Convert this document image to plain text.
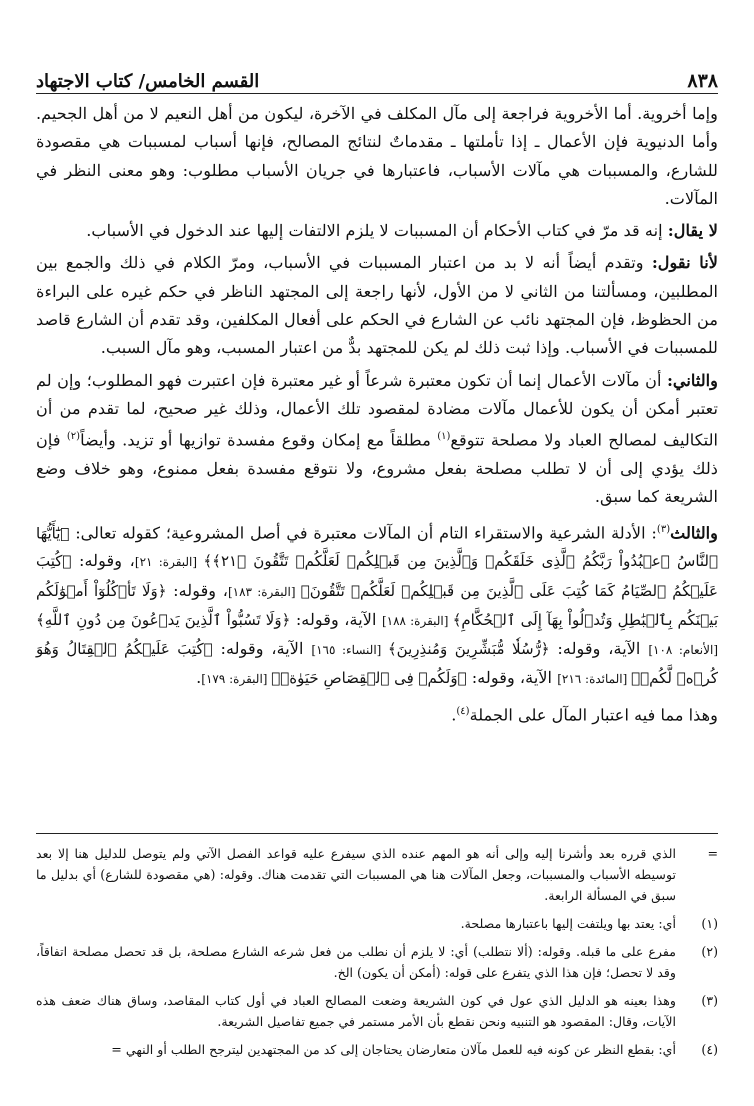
٨٣٨
القسم الخامس/ كتاب الاجتهاد

وإما أخروية. أما الأخروية فراجعة إلى مآل المكلف في الآخرة، ليكون من أهل النعيم لا من أهل الجحيم. وأما الدنيوية فإن الأعمال ـ إذا تأملتها ـ مقدماتٌ لنتائج المصالح، فإنها أسباب لمسببات هي مقصودة للشارع، والمسببات هي مآلات الأسباب، فاعتبارها في جريان الأسباب مطلوب: وهو معنى النظر في المآلات.

لا يقال: إنه قد مرّ في كتاب الأحكام أن المسببات لا يلزم الالتفات إليها عند الدخول في الأسباب.

لأنا نقول: وتقدم أيضاً أنه لا بد من اعتبار المسببات في الأسباب، ومرّ الكلام في ذلك والجمع بين المطلبين، ومسألتنا من الثاني لا من الأول، لأنها راجعة إلى المجتهد الناظر في حكم غيره على البراءة من الحظوظ، فإن المجتهد نائب عن الشارع في الحكم على أفعال المكلفين، وقد تقدم أن الشارع قاصد للمسببات في الأسباب. وإذا ثبت ذلك لم يكن للمجتهد بدٌّ من اعتبار المسبب، وهو مآل السبب.

والثاني: أن مآلات الأعمال إنما أن تكون معتبرة شرعاً أو غير معتبرة فإن اعتبرت فهو المطلوب؛ وإن لم تعتبر أمكن أن يكون للأعمال مآلات مضادة لمقصود تلك الأعمال، وذلك غير صحيح، لما تقدم من أن التكاليف لمصالح العباد ولا مصلحة تتوقع$^{(١)}$ مطلقاً مع إمكان وقوع مفسدة توازيها أو تزيد. وأيضاً$^{(٢)}$ فإن ذلك يؤدي إلى أن لا تطلب مصلحة بفعل مشروع، ولا نتوقع مفسدة بفعل ممنوع، وهو خلاف وضع الشريعة كما سبق.

والثالث$^{(٣)}$: الأدلة الشرعية والاستقراء التام أن المآلات معتبرة في أصل المشروعية؛ كقوله تعالى: ﴿يَٰٓأَيُّهَا ٱلنَّاسُ ٱعۡبُدُواْ رَبَّكُمُ ٱلَّذِى خَلَقَكُمۡ وَٱلَّذِينَ مِن قَبۡلِكُمۡ لَعَلَّكُمۡ تَتَّقُونَ ﴿٢١﴾﴾ [البقرة: ٢١]، وقوله: ﴿كُتِبَ عَلَيۡكُمُ ٱلصِّيَامُ كَمَا كُتِبَ عَلَى ٱلَّذِينَ مِن قَبۡلِكُمۡ لَعَلَّكُمۡ تَتَّقُونَ﴾ [البقرة: ١٨٣]، وقوله: ﴿وَلَا تَأۡكُلُوٓاْ أَمۡوَٰلَكُم بَيۡنَكُم بِٱلۡبَٰطِلِ وَتُدۡلُواْ بِهَآ إِلَى ٱلۡحُكَّامِ﴾ [البقرة: ١٨٨] الآية، وقوله: ﴿وَلَا تَسُبُّواْ ٱلَّذِينَ يَدۡعُونَ مِن دُونِ ٱللَّهِ﴾ [الأنعام: ١٠٨] الآية، وقوله: ﴿رُّسُلٗا مُّبَشِّرِينَ وَمُنذِرِينَ﴾ [النساء: ١٦٥] الآية، وقوله: ﴿كُتِبَ عَلَيۡكُمُ ٱلۡقِتَالُ وَهُوَ كُرۡهٞ لَّكُمۡ﴾ [المائدة: ٢١٦] الآية، وقوله: ﴿وَلَكُمۡ فِى ٱلۡقِصَاصِ حَيَوٰةٞ﴾ [البقرة: ١٧٩].

وهذا مما فيه اعتبار المآل على الجملة$^{(٤)}$.

=
الذي قرره بعد وأشرنا إليه وإلى أنه هو المهم عنده الذي سيفرع عليه قواعد الفصل الآتي ولم يتوصل للدليل هنا إلا بعد توسيطه الأسباب والمسببات، وجعل المآلات هنا هي المسببات التي تقدمت هناك. وقوله: (هي مقصودة للشارع) أي بدليل ما سبق في المسألة الرابعة.
(١)
أي: يعتد بها ويلتفت إليها باعتبارها مصلحة.
(٢)
مفرع على ما قبله. وقوله: (ألا نتطلب) أي: لا يلزم أن نطلب من فعل شرعه الشارع مصلحة، بل قد تحصل مصلحة اتفاقاً، وقد لا تحصل؛ فإن هذا الذي يتفرع على قوله: (أمكن أن يكون) الخ.
(٣)
وهذا بعينه هو الدليل الذي عول في كون الشريعة وضعت المصالح العباد في أول كتاب المقاصد، وساق هناك ضعف هذه الآيات، وقال: المقصود هو التنبيه ونحن نقطع بأن الأمر مستمر في جميع تفاصيل الشريعة.
(٤)
أي: بقطع النظر عن كونه فيه للعمل مآلان متعارضان يحتاجان إلى كد من المجتهدين ليترجح الطلب أو النهي =
